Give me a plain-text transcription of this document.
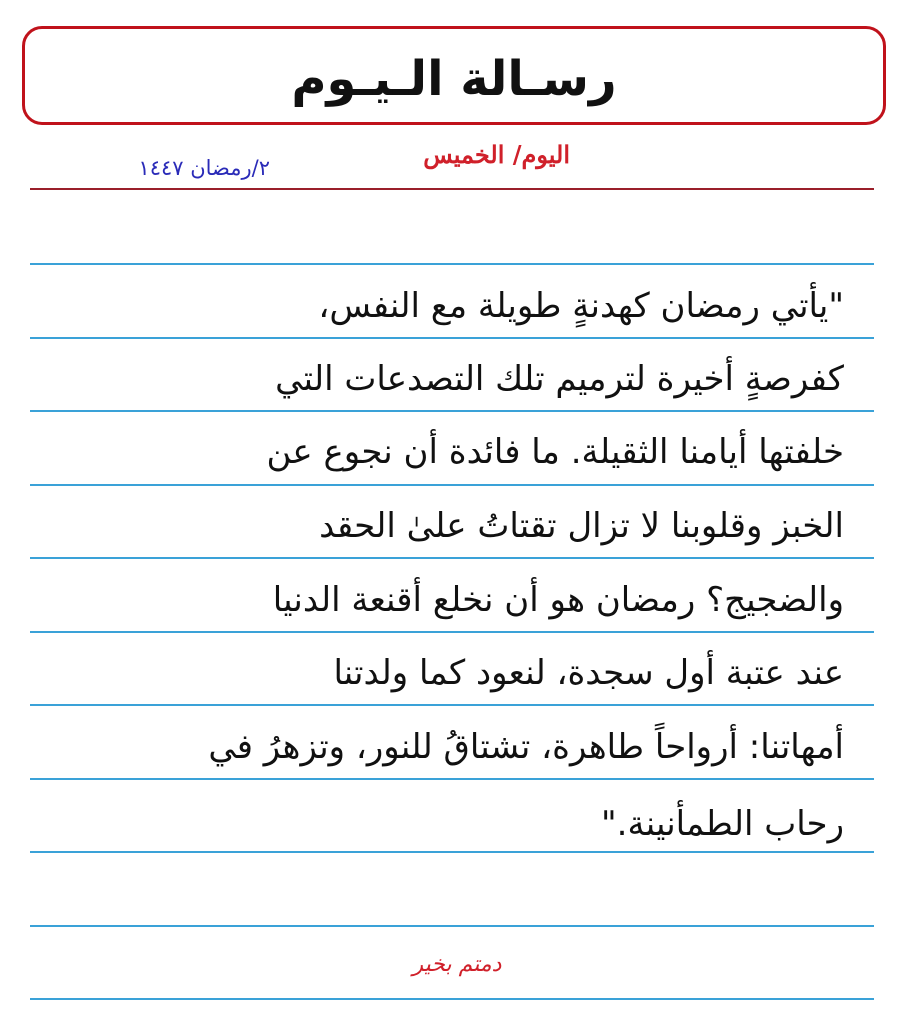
رسـالة الـيـوم
اليوم/ الخميس
٢/رمضان ١٤٤٧
"يأتي رمضان كهدنةٍ طويلة مع النفس،
كفرصةٍ أخيرة لترميم تلك التصدعات التي
خلفتها أيامنا الثقيلة. ما فائدة أن نجوع عن
الخبز وقلوبنا لا تزال تقتاتُ علىٰ الحقد
والضجيج؟ رمضان هو أن نخلع أقنعة الدنيا
عند عتبة أول سجدة، لنعود كما ولدتنا
أمهاتنا: أرواحاً طاهرة، تشتاقُ للنور، وتزهرُ في
رحاب الطمأنينة."
دمتم بخير
